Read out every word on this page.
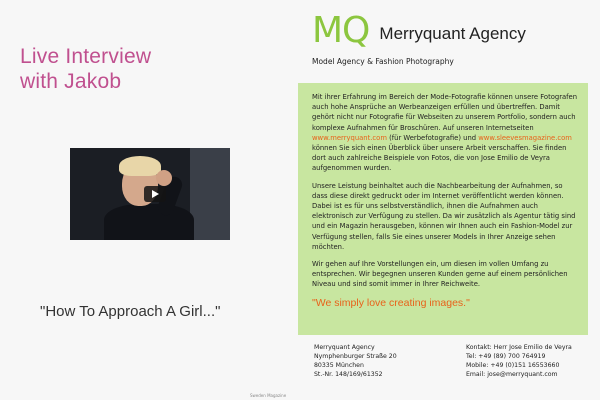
Live Interview
with Jakob
"How To Approach A Girl..."
Sweden Magazine
MQ Merryquant Agency
Model Agency & Fashion Photography

Mit ihrer Erfahrung im Bereich der Mode-Fotografie können unsere Fotografen auch hohe Ansprüche an Werbeanzeigen erfüllen und übertreffen. Damit gehört nicht nur Fotografie für Webseiten zu unserem Portfolio, sondern auch komplexe Aufnahmen für Broschüren. Auf unseren Internetseiten www.merryquant.com (für Werbefotografie) und www.sleevesmagazine.com können Sie sich einen Überblick über unsere Arbeit verschaffen. Sie finden dort auch zahlreiche Beispiele von Fotos, die von Jose Emilio de Veyra aufgenommen wurden.

Unsere Leistung beinhaltet auch die Nachbearbeitung der Aufnahmen, so dass diese direkt gedruckt oder im Internet veröffentlicht werden können. Dabei ist es für uns selbstverständlich, ihnen die Aufnahmen auch elektronisch zur Verfügung zu stellen. Da wir zusätzlich als Agentur tätig sind und ein Magazin herausgeben, können wir Ihnen auch ein Fashion-Model zur Verfügung stellen, falls Sie eines unserer Models in Ihrer Anzeige sehen möchten.

Wir gehen auf Ihre Vorstellungen ein, um diesen im vollen Umfang zu entsprechen. Wir begegnen unseren Kunden gerne auf einem persönlichen Niveau und sind somit immer in Ihrer Reichweite.

"We simply love creating images."
Merryquant Agency
Nymphenburger Straße 20
80335 München
St.-Nr. 148/169/61352
Kontakt: Herr Jose Emilio de Veyra
Tel: +49 (89) 700 764919
Mobile: +49 (0)151 16553660
Email: jose@merryquant.com
